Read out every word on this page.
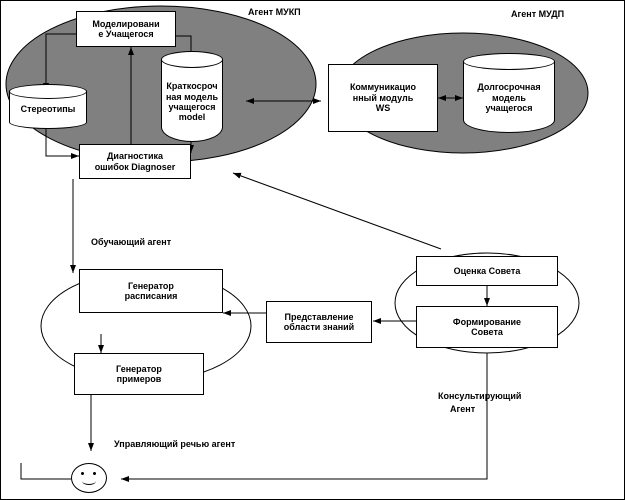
Агент МУКП	Агент МУДП
Обучающий агент
Консультирующий
Агент
Управляющий речью агент
Моделировани
е Учащегося
Краткосроч
ная модель
учащегося
model
Стереотипы
Диагностика
ошибок Diagnoser
Коммуникацио
нный модуль
WS
Долгосрочная
модель
учащегося
Генератор
расписания
Генератор
примеров
Представление
области знаний
Оценка Совета
Формирование
Совета
